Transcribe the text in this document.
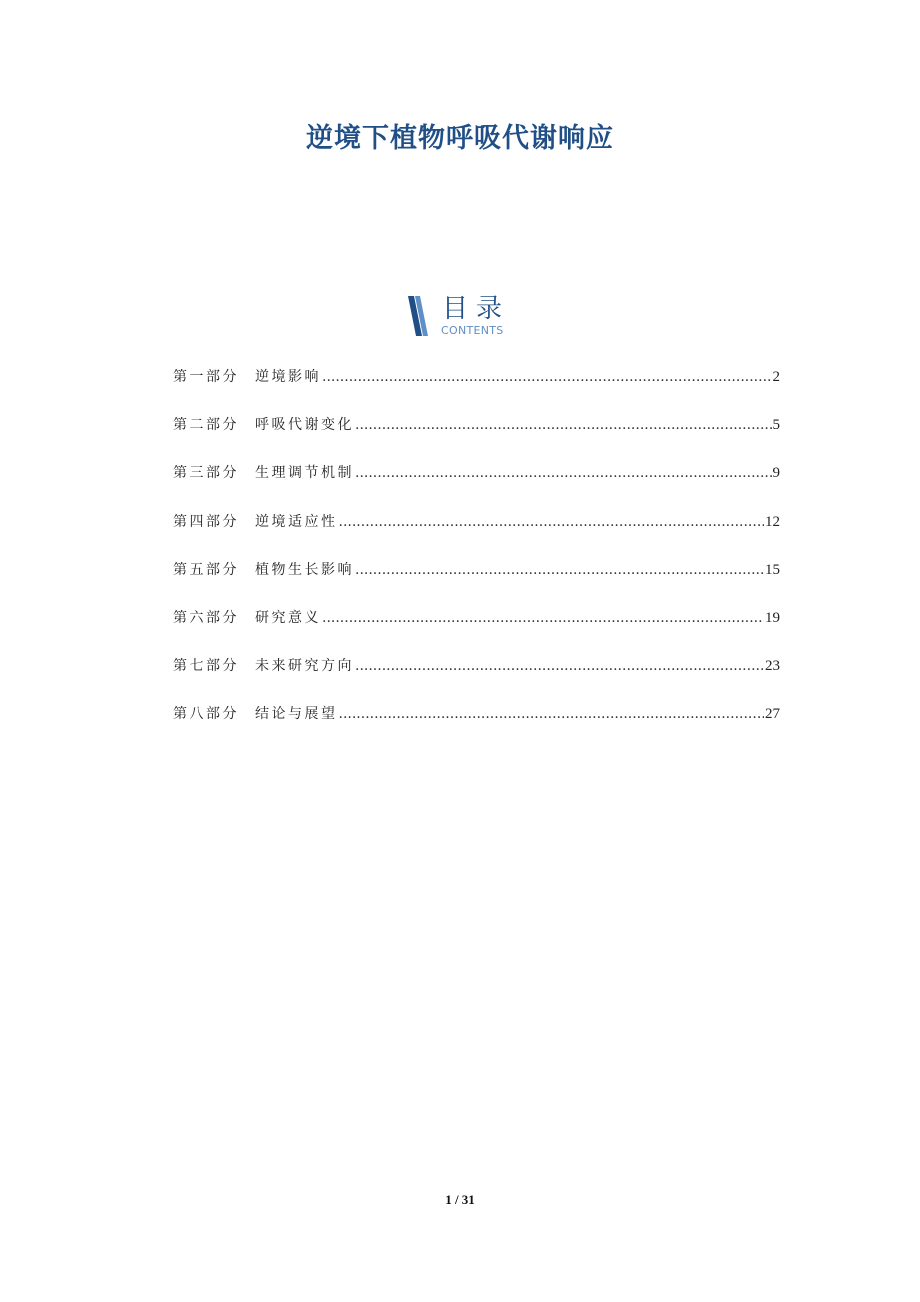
逆境下植物呼吸代谢响应
目录
CONTENTS
第一部分	逆境影响 .....	2
第二部分	呼吸代谢变化 .....	5
第三部分	生理调节机制 .....	9
第四部分	逆境适应性 .....	12
第五部分	植物生长影响 .....	15
第六部分	研究意义 .....	19
第七部分	未来研究方向 .....	23
第八部分	结论与展望 .....	27
1 / 31
